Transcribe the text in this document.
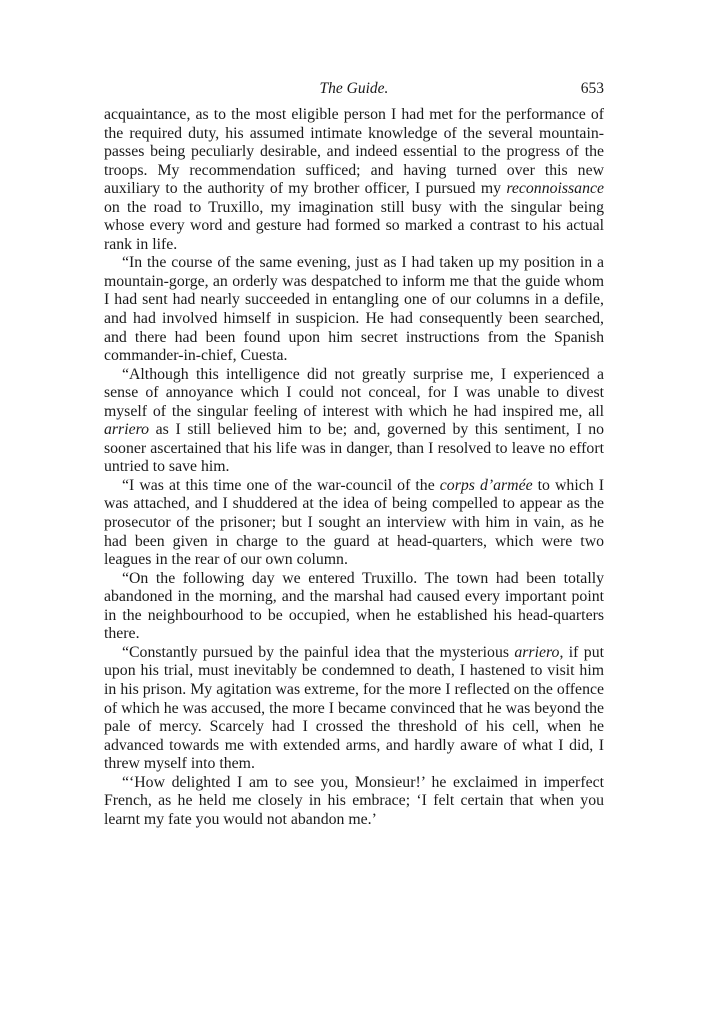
The Guide.	653

acquaintance, as to the most eligible person I had met for the performance of the required duty, his assumed intimate knowledge of the several mountain-passes being peculiarly desirable, and indeed essential to the progress of the troops. My recommendation sufficed; and having turned over this new auxiliary to the authority of my brother officer, I pursued my reconnoissance on the road to Truxillo, my imagination still busy with the singular being whose every word and gesture had formed so marked a contrast to his actual rank in life.

“In the course of the same evening, just as I had taken up my position in a mountain-gorge, an orderly was despatched to inform me that the guide whom I had sent had nearly succeeded in entangling one of our columns in a defile, and had involved himself in suspicion. He had consequently been searched, and there had been found upon him secret instructions from the Spanish commander-in-chief, Cuesta.

“Although this intelligence did not greatly surprise me, I experienced a sense of annoyance which I could not conceal, for I was unable to divest myself of the singular feeling of interest with which he had inspired me, all arriero as I still believed him to be; and, governed by this sentiment, I no sooner ascertained that his life was in danger, than I resolved to leave no effort untried to save him.

“I was at this time one of the war-council of the corps d’armée to which I was attached, and I shuddered at the idea of being compelled to appear as the prosecutor of the prisoner; but I sought an interview with him in vain, as he had been given in charge to the guard at head-quarters, which were two leagues in the rear of our own column.

“On the following day we entered Truxillo. The town had been totally abandoned in the morning, and the marshal had caused every important point in the neighbourhood to be occupied, when he established his head-quarters there.

“Constantly pursued by the painful idea that the mysterious arriero, if put upon his trial, must inevitably be condemned to death, I hastened to visit him in his prison. My agitation was extreme, for the more I reflected on the offence of which he was accused, the more I became convinced that he was beyond the pale of mercy. Scarcely had I crossed the threshold of his cell, when he advanced towards me with extended arms, and hardly aware of what I did, I threw myself into them.

“‘How delighted I am to see you, Monsieur!’ he exclaimed in imperfect French, as he held me closely in his embrace; ‘I felt certain that when you learnt my fate you would not abandon me.’
